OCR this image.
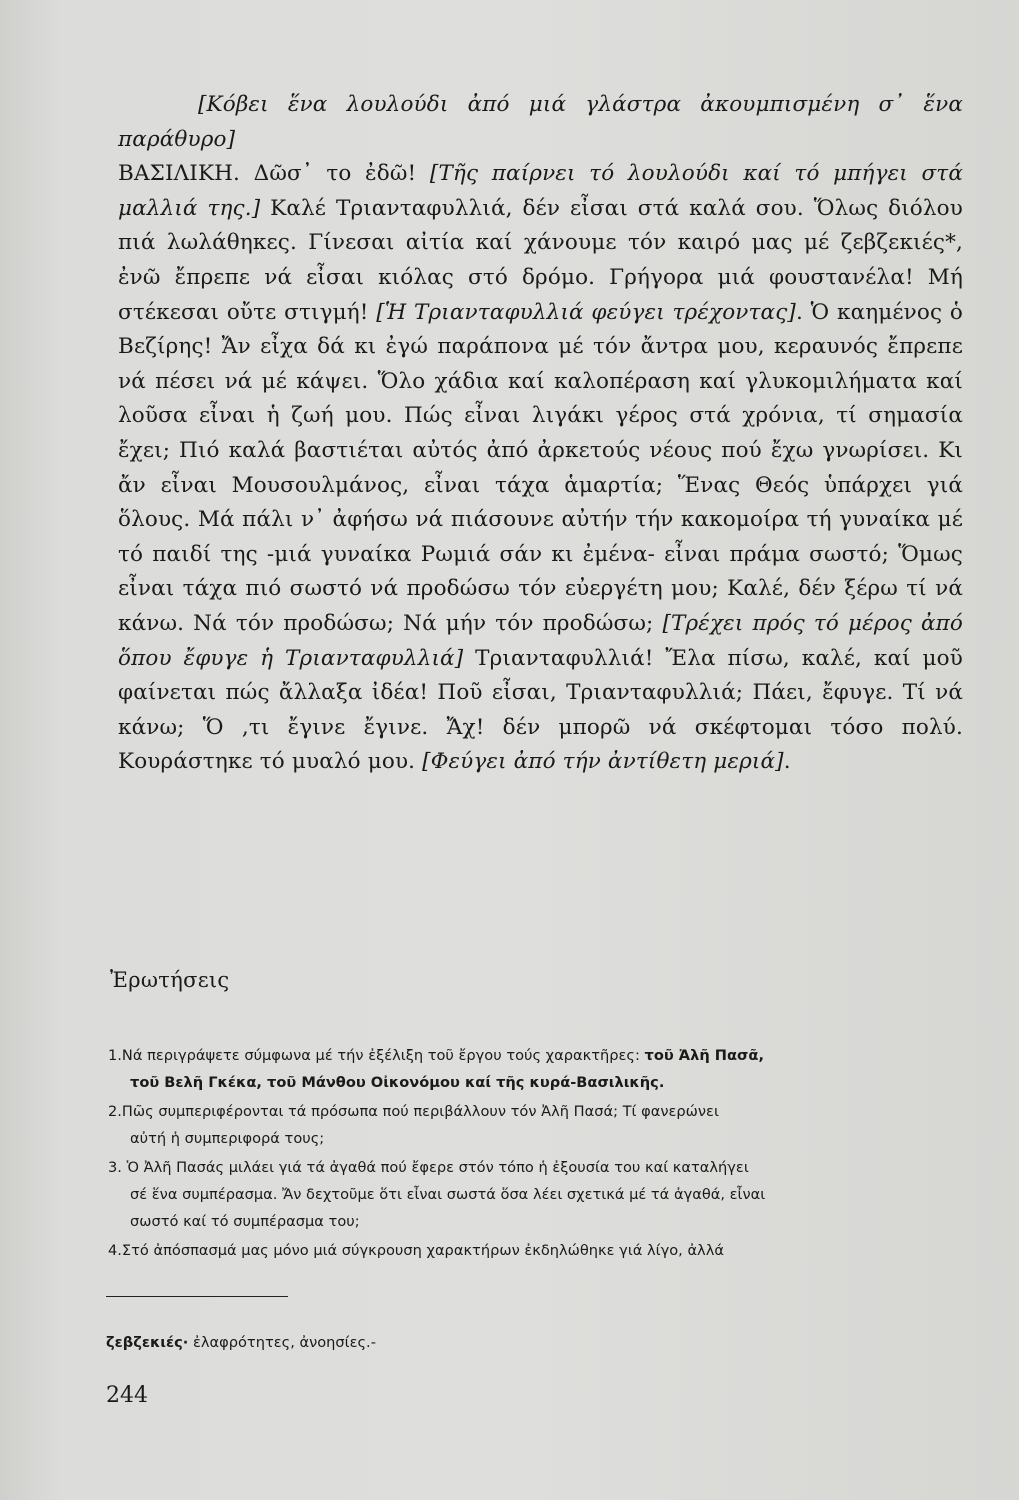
[Κόβει ἕνα λουλούδι ἀπό μιά γλάστρα ἀκουμπισμένη σ᾽ ἕνα παράθυρο]
ΒΑΣΙΛΙΚΗ. Δῶσ᾽ το ἐδῶ! [Τῆς παίρνει τό λουλούδι καί τό μπήγει στά μαλλιά της.] Καλέ Τριανταφυλλιά, δέν εἶσαι στά καλά σου. Ὅλως διόλου πιά λωλάθηκες. Γίνεσαι αἰτία καί χάνουμε τόν καιρό μας μέ ζεβζεκιές*, ἐνῶ ἔπρεπε νά εἶσαι κιόλας στό δρόμο. Γρήγορα μιά φουστανέλα! Μή στέκεσαι οὔτε στιγμή! [Ἡ Τριανταφυλλιά φεύγει τρέχοντας]. Ὁ καημένος ὁ Βεζίρης! Ἄν εἶχα δά κι ἐγώ παράπονα μέ τόν ἄντρα μου, κεραυνός ἔπρεπε νά πέσει νά μέ κάψει. Ὅλο χάδια καί καλοπέραση καί γλυκομιλήματα καί λοῦσα εἶναι ἡ ζωή μου. Πώς εἶναι λιγάκι γέρος στά χρόνια, τί σημασία ἔχει; Πιό καλά βαστιέται αὐτός ἀπό ἀρκετούς νέους πού ἔχω γνωρίσει. Κι ἄν εἶναι Μουσουλμάνος, εἶναι τάχα ἁμαρτία; Ἕνας Θεός ὑπάρχει γιά ὅλους. Μά πάλι ν᾽ ἀφήσω νά πιάσουνε αὐτήν τήν κακομοίρα τή γυναίκα μέ τό παιδί της -μιά γυναίκα Ρωμιά σάν κι ἐμένα- εἶναι πράμα σωστό; Ὅμως εἶναι τάχα πιό σωστό νά προδώσω τόν εὐεργέτη μου; Καλέ, δέν ξέρω τί νά κάνω. Νά τόν προδώσω; Νά μήν τόν προδώσω; [Τρέχει πρός τό μέρος ἀπό ὅπου ἔφυγε ἡ Τριανταφυλλιά] Τριανταφυλλιά! Ἔλα πίσω, καλέ, καί μοῦ φαίνεται πώς ἄλλαξα ἰδέα! Ποῦ εἶσαι, Τριανταφυλλιά; Πάει, ἔφυγε. Τί νά κάνω; Ὅ ,τι ἔγινε ἔγινε. Ἄχ! δέν μπορῶ νά σκέφτομαι τόσο πολύ. Κουράστηκε τό μυαλό μου. [Φεύγει ἀπό τήν ἀντίθετη μεριά].

Ἐρωτήσεις
1.Νά περιγράψετε σύμφωνα μέ τήν ἐξέλιξη τοῦ ἔργου τούς χαρακτῆρες: τοῦ Ἀλῆ Πασᾶ,
τοῦ Βελῆ Γκέκα, τοῦ Μάνθου Οἰκονόμου καί τῆς κυρά-Βασιλικῆς.
2.Πῶς συμπεριφέρονται τά πρόσωπα πού περιβάλλουν τόν Ἀλῆ Πασά; Τί φανερώνει
αὐτή ἡ συμπεριφορά τους;
3. Ὁ Ἀλῆ Πασάς μιλάει γιά τά ἀγαθά πού ἔφερε στόν τόπο ἡ ἐξουσία του καί καταλήγει
σέ ἕνα συμπέρασμα. Ἄν δεχτοῦμε ὅτι εἶναι σωστά ὅσα λέει σχετικά μέ τά ἀγαθά, εἶναι
σωστό καί τό συμπέρασμα του;
4.Στό ἀπόσπασμά μας μόνο μιά σύγκρουση χαρακτήρων ἐκδηλώθηκε γιά λίγο, ἀλλά
ζεβζεκιές· ἐλαφρότητες, ἀνοησίες.-
244
